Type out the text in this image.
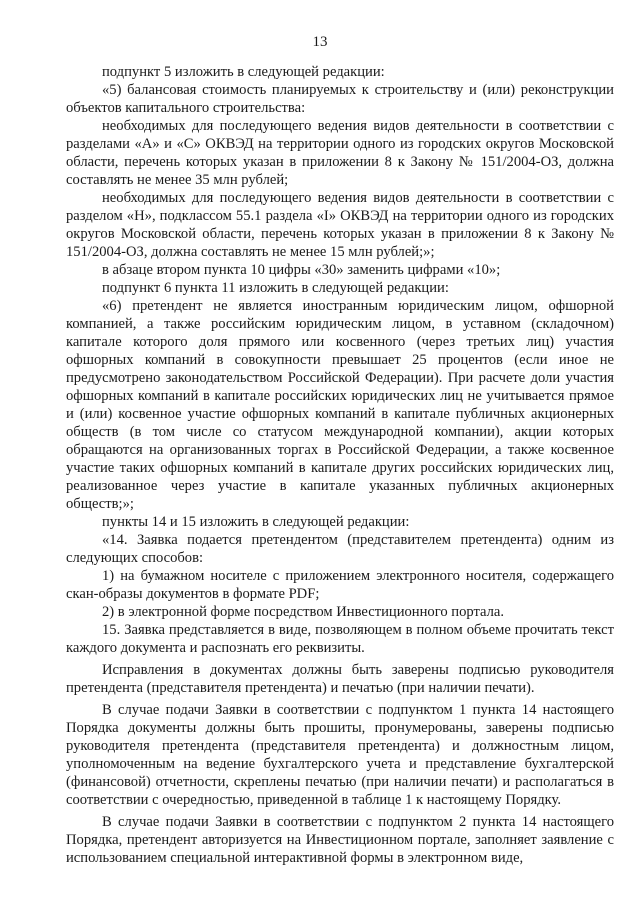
13

подпункт 5 изложить в следующей редакции:

«5) балансовая стоимость планируемых к строительству и (или) реконструкции объектов капитального строительства:

необходимых для последующего ведения видов деятельности в соответствии с разделами «А» и «С» ОКВЭД на территории одного из городских округов Московской области, перечень которых указан в приложении 8 к Закону № 151/2004-ОЗ, должна составлять не менее 35 млн рублей;

необходимых для последующего ведения видов деятельности в соответствии с разделом «Н», подклассом 55.1 раздела «I» ОКВЭД на территории одного из городских округов Московской области, перечень которых указан в приложении 8 к Закону № 151/2004-ОЗ, должна составлять не менее 15 млн рублей;»;

в абзаце втором пункта 10 цифры «30» заменить цифрами «10»;

подпункт 6 пункта 11 изложить в следующей редакции:

«6) претендент не является иностранным юридическим лицом, офшорной компанией, а также российским юридическим лицом, в уставном (складочном) капитале которого доля прямого или косвенного (через третьих лиц) участия офшорных компаний в совокупности превышает 25 процентов (если иное не предусмотрено законодательством Российской Федерации). При расчете доли участия офшорных компаний в капитале российских юридических лиц не учитывается прямое и (или) косвенное участие офшорных компаний в капитале публичных акционерных обществ (в том числе со статусом международной компании), акции которых обращаются на организованных торгах в Российской Федерации, а также косвенное участие таких офшорных компаний в капитале других российских юридических лиц, реализованное через участие в капитале указанных публичных акционерных обществ;»;

пункты 14 и 15 изложить в следующей редакции:

«14. Заявка подается претендентом (представителем претендента) одним из следующих способов:

1) на бумажном носителе с приложением электронного носителя, содержащего скан-образы документов в формате PDF;

2) в электронной форме посредством Инвестиционного портала.

15. Заявка представляется в виде, позволяющем в полном объеме прочитать текст каждого документа и распознать его реквизиты.

Исправления в документах должны быть заверены подписью руководителя претендента (представителя претендента) и печатью (при наличии печати).

В случае подачи Заявки в соответствии с подпунктом 1 пункта 14 настоящего Порядка документы должны быть прошиты, пронумерованы, заверены подписью руководителя претендента (представителя претендента) и должностным лицом, уполномоченным на ведение бухгалтерского учета и представление бухгалтерской (финансовой) отчетности, скреплены печатью (при наличии печати) и располагаться в соответствии с очередностью, приведенной в таблице 1 к настоящему Порядку.

В случае подачи Заявки в соответствии с подпунктом 2 пункта 14 настоящего Порядка, претендент авторизуется на Инвестиционном портале, заполняет заявление с использованием специальной интерактивной формы в электронном виде,
